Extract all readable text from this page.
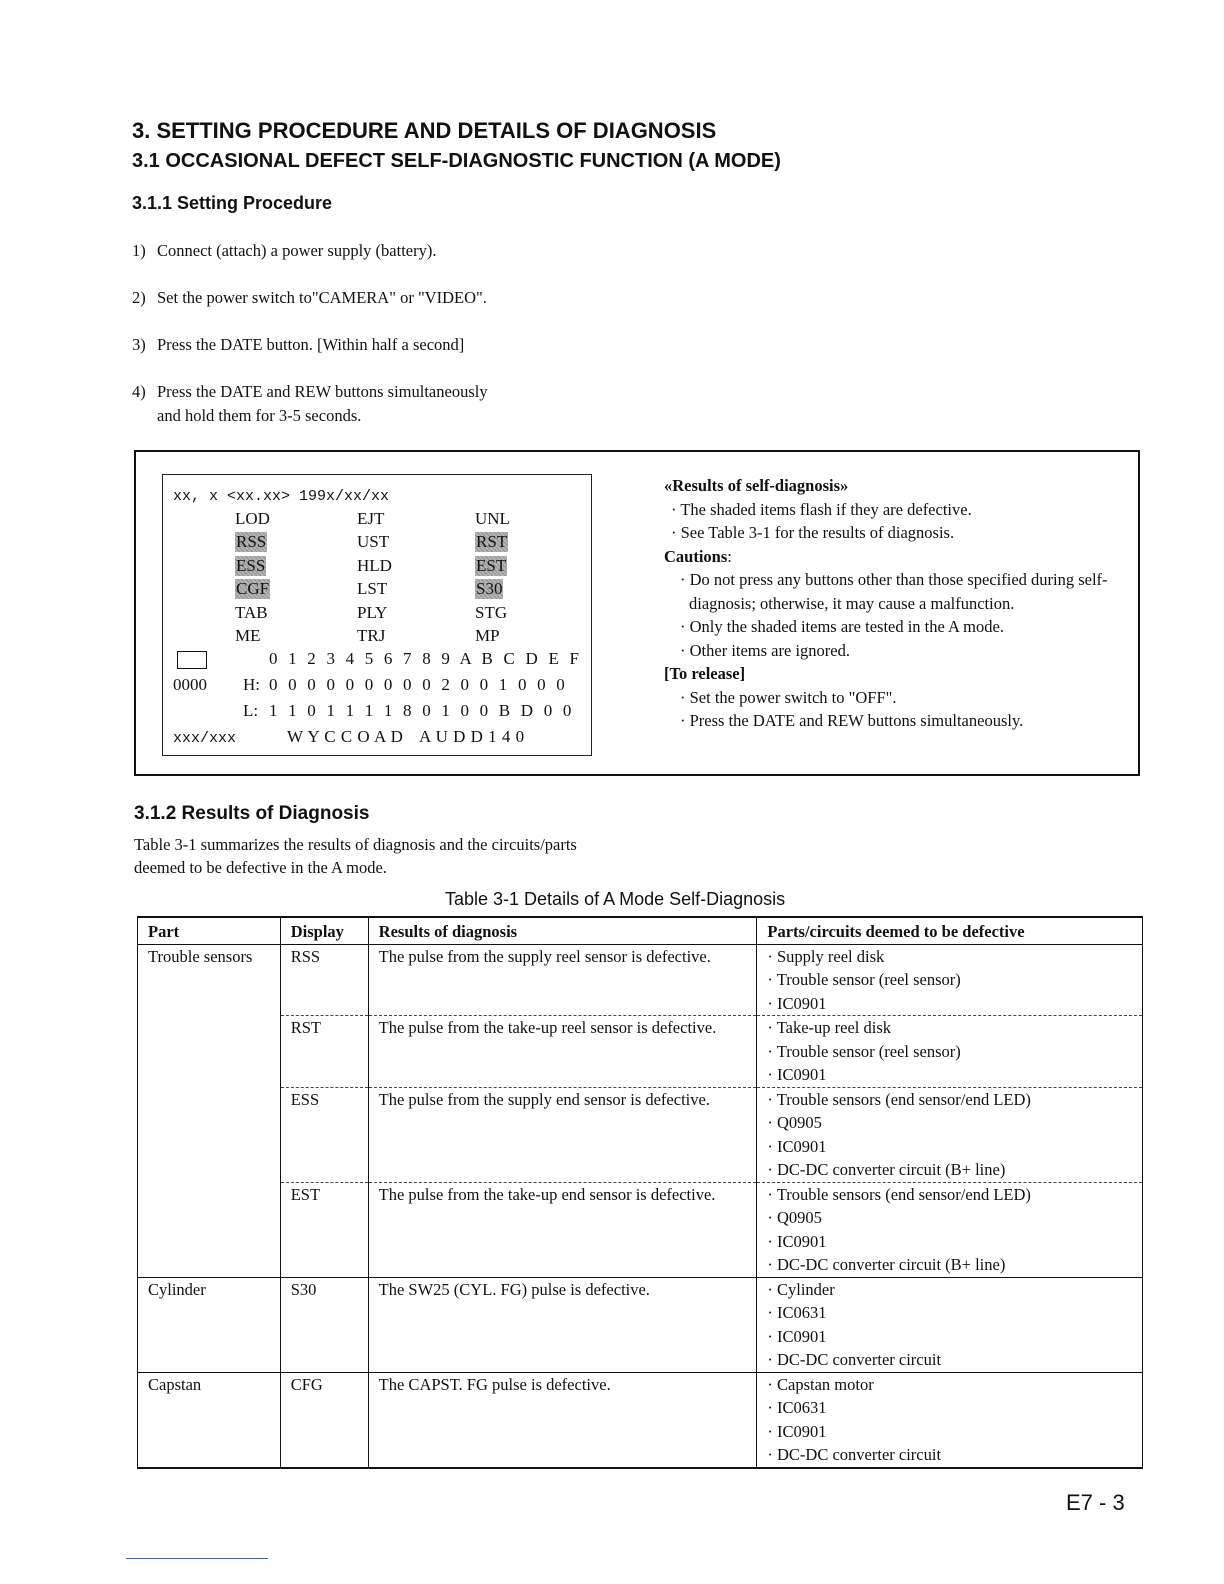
3. SETTING PROCEDURE AND DETAILS OF DIAGNOSIS
3.1 OCCASIONAL DEFECT SELF-DIAGNOSTIC FUNCTION (A MODE)
3.1.1 Setting Procedure
1) Connect (attach) a power supply (battery).
2) Set the power switch to"CAMERA" or "VIDEO".
3) Press the DATE button. [Within half a second]
4) Press the DATE and REW buttons simultaneously
and hold them for 3-5 seconds.
xx, x <xx.xx> 199x/xx/xx
LOD	EJT	UNL
RSS	UST	RST
ESS	HLD	EST
CGF	LST	S30
TAB	PLY	STG
ME	TRJ	MP
0 1 2 3 4 5 6 7 8 9 A B C D E F
0000 H: 0 0 0 0 0 0 0 0 0 2 0 0 1 0 0 0
L: 1 1 0 1 1 1 1 8 0 1 0 0 B D 0 0
xxx/xxx	W Y C C O A D A U D D 1 4 0
«Results of self-diagnosis»
· The shaded items flash if they are defective.
· See Table 3-1 for the results of diagnosis.
Cautions:
· Do not press any buttons other than those specified during self-diagnosis; otherwise, it may cause a malfunction.
· Only the shaded items are tested in the A mode.
· Other items are ignored.
[To release]
· Set the power switch to "OFF".
· Press the DATE and REW buttons simultaneously.
3.1.2 Results of Diagnosis
Table 3-1 summarizes the results of diagnosis and the circuits/parts deemed to be defective in the A mode.
Table 3-1 Details of A Mode Self-Diagnosis
Part	Display	Results of diagnosis	Parts/circuits deemed to be defective
Trouble sensors	RSS	The pulse from the supply reel sensor is defective.	· Supply reel disk
· Trouble sensor (reel sensor)
· IC0901

	RST	The pulse from the take-up reel sensor is defective.	· Take-up reel disk
· Trouble sensor (reel sensor)
· IC0901

	ESS	The pulse from the supply end sensor is defective.	· Trouble sensors (end sensor/end LED)
· Q0905
· IC0901
· DC-DC converter circuit (B+ line)

	EST	The pulse from the take-up end sensor is defective.	· Trouble sensors (end sensor/end LED)
· Q0905
· IC0901
· DC-DC converter circuit (B+ line)

Cylinder	S30	The SW25 (CYL. FG) pulse is defective.	· Cylinder
· IC0631
· IC0901
· DC-DC converter circuit

Capstan	CFG	The CAPST. FG pulse is defective.	· Capstan motor
· IC0631
· IC0901
· DC-DC converter circuit
E7 - 3
